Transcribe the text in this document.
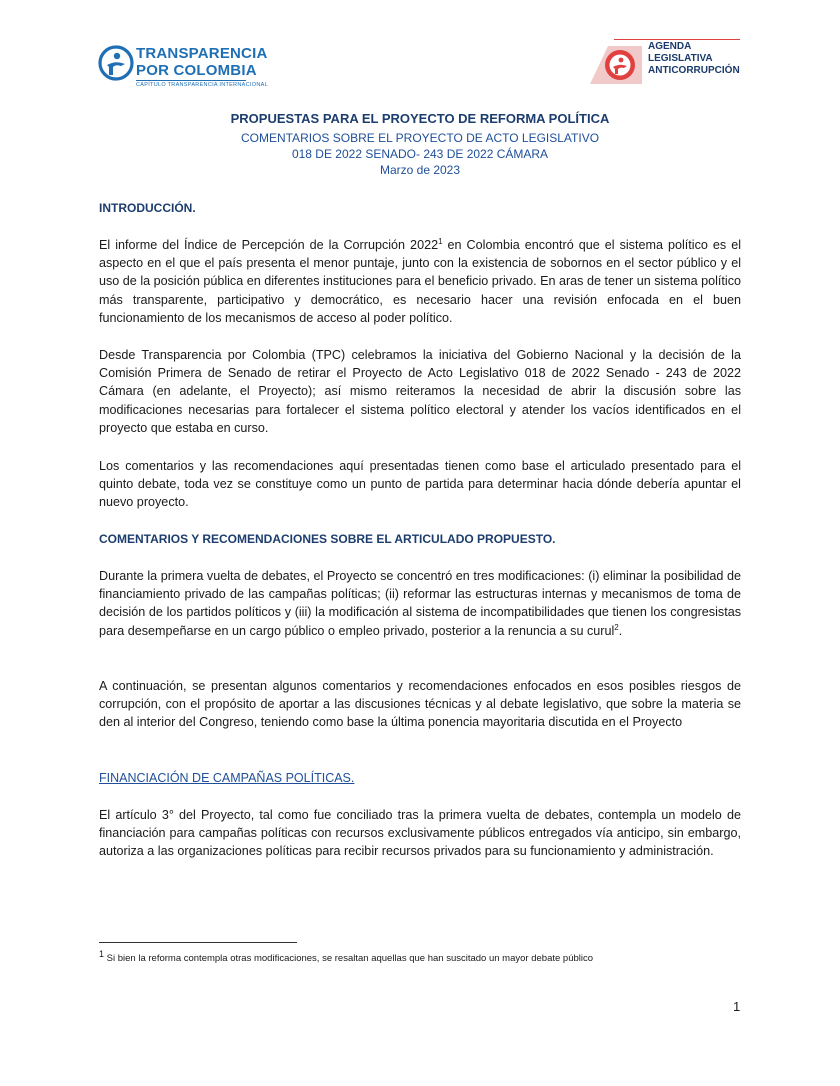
TRANSPARENCIA
POR COLOMBIA
CAPÍTULO TRANSPARENCIA INTERNACIONAL
AGENDA
LEGISLATIVA
ANTICORRUPCIÓN
PROPUESTAS PARA EL PROYECTO DE REFORMA POLÍTICA
COMENTARIOS SOBRE EL PROYECTO DE ACTO LEGISLATIVO
018 DE 2022 SENADO- 243 DE 2022 CÁMARA
Marzo de 2023
INTRODUCCIÓN.
El informe del Índice de Percepción de la Corrupción 2022$^1$ en Colombia encontró que el sistema político es el aspecto en el que el país presenta el menor puntaje, junto con la existencia de sobornos en el sector público y el uso de la posición pública en diferentes instituciones para el beneficio privado. En aras de tener un sistema político más transparente, participativo y democrático, es necesario hacer una revisión enfocada en el buen funcionamiento de los mecanismos de acceso al poder político.
Desde Transparencia por Colombia (TPC) celebramos la iniciativa del Gobierno Nacional y la decisión de la Comisión Primera de Senado de retirar el Proyecto de Acto Legislativo 018 de 2022 Senado - 243 de 2022 Cámara (en adelante, el Proyecto); así mismo reiteramos la necesidad de abrir la discusión sobre las modificaciones necesarias para fortalecer el sistema político electoral y atender los vacíos identificados en el proyecto que estaba en curso.
Los comentarios y las recomendaciones aquí presentadas tienen como base el articulado presentado para el quinto debate, toda vez se constituye como un punto de partida para determinar hacia dónde debería apuntar el nuevo proyecto.
COMENTARIOS Y RECOMENDACIONES SOBRE EL ARTICULADO PROPUESTO.
Durante la primera vuelta de debates, el Proyecto se concentró en tres modificaciones: (i) eliminar la posibilidad de financiamiento privado de las campañas políticas; (ii) reformar las estructuras internas y mecanismos de toma de decisión de los partidos políticos y (iii) la modificación al sistema de incompatibilidades que tienen los congresistas para desempeñarse en un cargo público o empleo privado, posterior a la renuncia a su curul$^2$.
A continuación, se presentan algunos comentarios y recomendaciones enfocados en esos posibles riesgos de corrupción, con el propósito de aportar a las discusiones técnicas y al debate legislativo, que sobre la materia se den al interior del Congreso, teniendo como base la última ponencia mayoritaria discutida en el Proyecto
FINANCIACIÓN DE CAMPAÑAS POLÍTICAS.
El artículo 3° del Proyecto, tal como fue conciliado tras la primera vuelta de debates, contempla un modelo de financiación para campañas políticas con recursos exclusivamente públicos entregados vía anticipo, sin embargo, autoriza a las organizaciones políticas para recibir recursos privados para su funcionamiento y administración.
$^1$ Si bien la reforma contempla otras modificaciones, se resaltan aquellas que han suscitado un mayor debate público
1
